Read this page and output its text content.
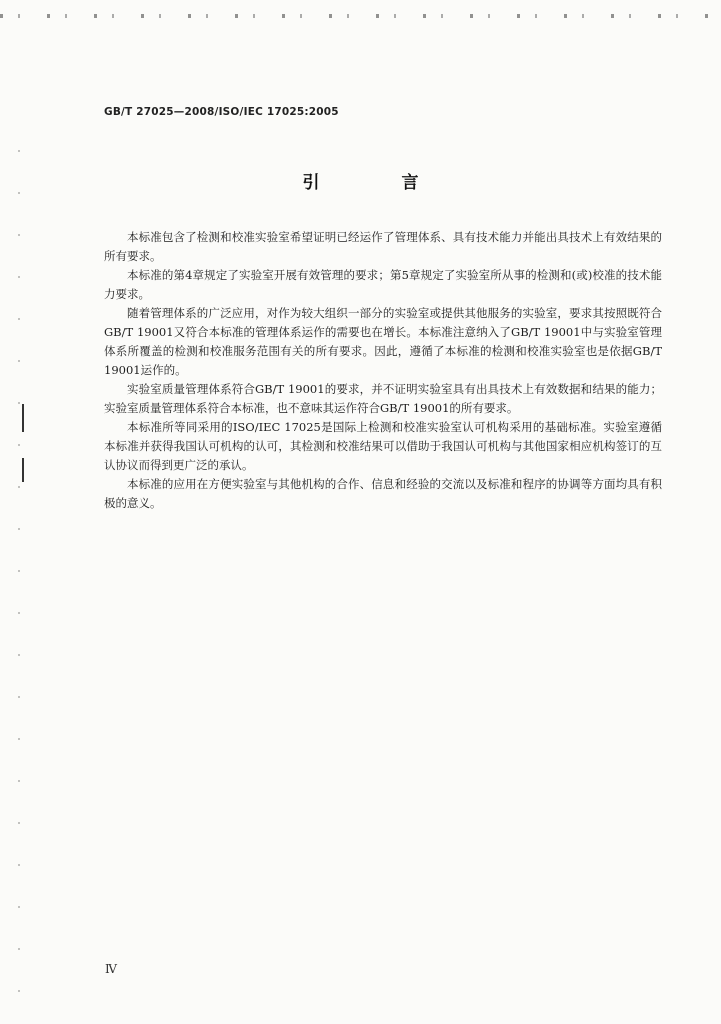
GB/T 27025—2008/ISO/IEC 17025:2005
引 言

本标准包含了检测和校准实验室希望证明已经运作了管理体系、具有技术能力并能出具技术上有效结果的所有要求。

本标准的第4章规定了实验室开展有效管理的要求；第5章规定了实验室所从事的检测和(或)校准的技术能力要求。

随着管理体系的广泛应用，对作为较大组织一部分的实验室或提供其他服务的实验室，要求其按照既符合GB/T 19001又符合本标准的管理体系运作的需要也在增长。本标准注意纳入了GB/T 19001中与实验室管理体系所覆盖的检测和校准服务范围有关的所有要求。因此，遵循了本标准的检测和校准实验室也是依据GB/T 19001运作的。

实验室质量管理体系符合GB/T 19001的要求，并不证明实验室具有出具技术上有效数据和结果的能力；实验室质量管理体系符合本标准，也不意味其运作符合GB/T 19001的所有要求。

本标准所等同采用的ISO/IEC 17025是国际上检测和校准实验室认可机构采用的基础标准。实验室遵循本标准并获得我国认可机构的认可，其检测和校准结果可以借助于我国认可机构与其他国家相应机构签订的互认协议而得到更广泛的承认。

本标准的应用在方便实验室与其他机构的合作、信息和经验的交流以及标准和程序的协调等方面均具有积极的意义。

Ⅳ
